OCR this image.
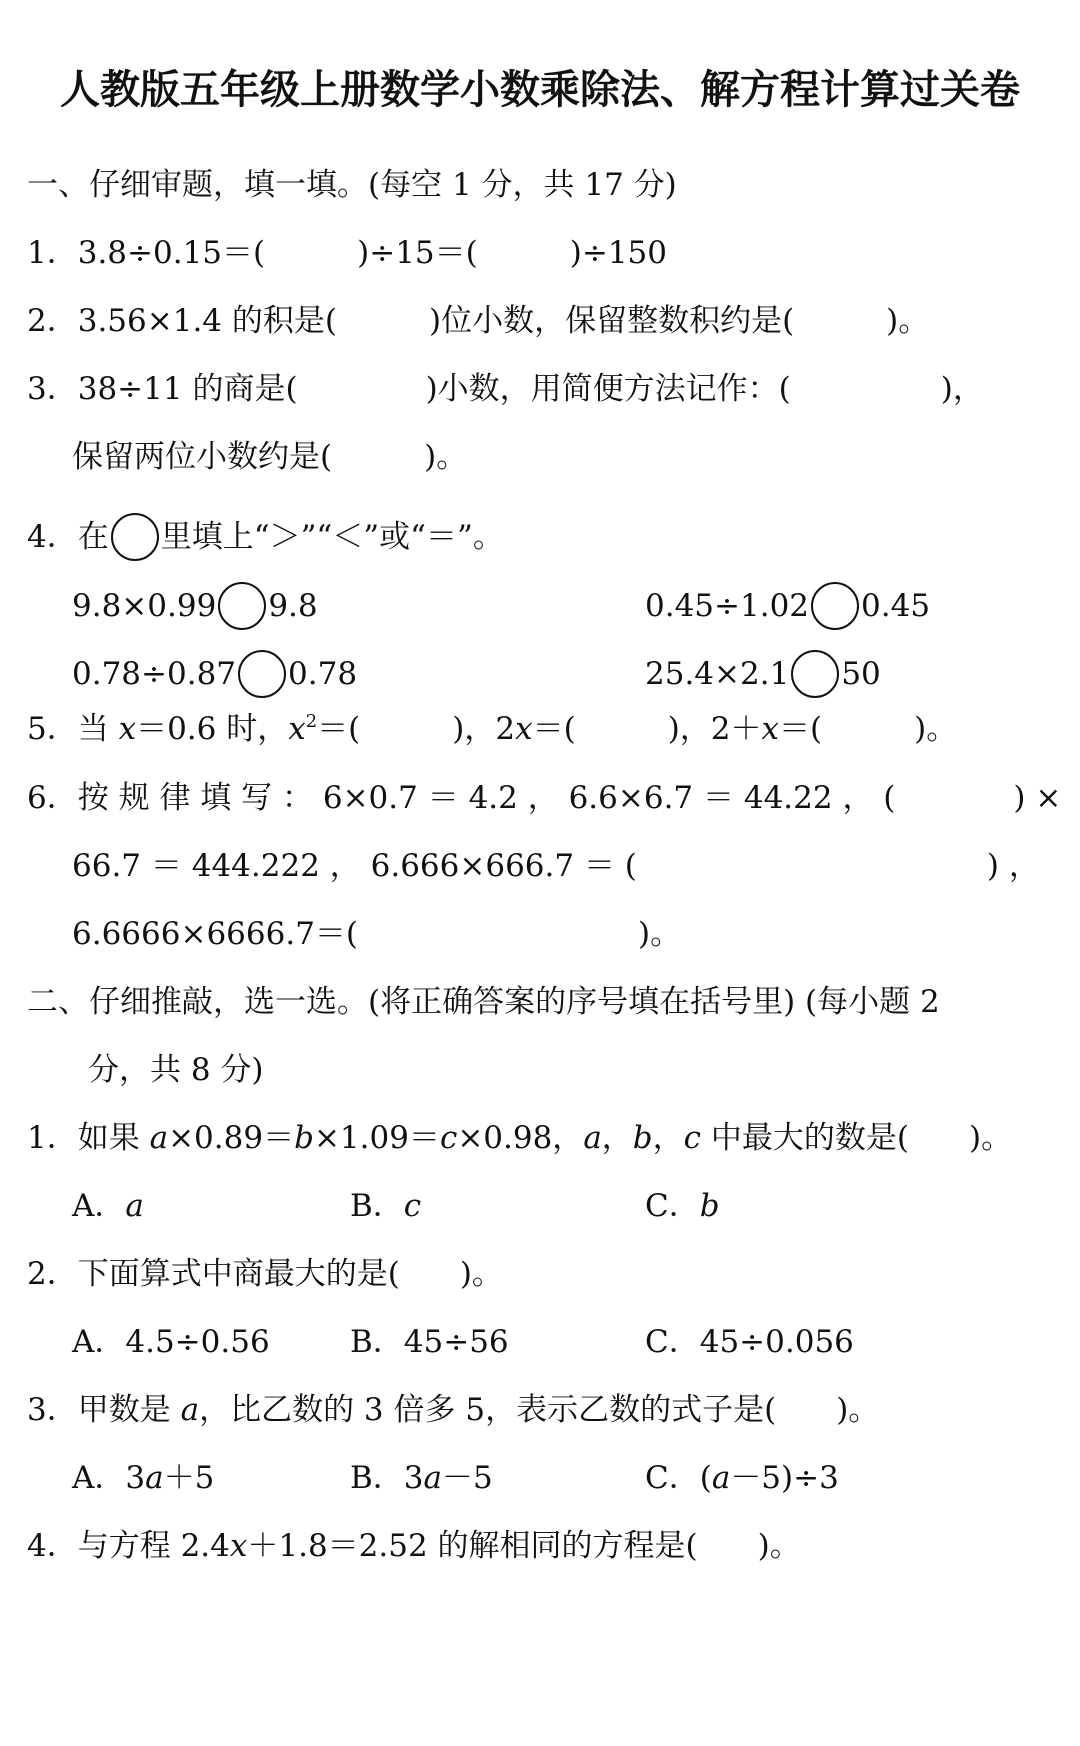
人教版五年级上册数学小数乘除法、解方程计算过关卷
一、仔细审题，填一填。(每空 1 分，共 17 分)
1．3.8÷0.15＝(	)÷15＝(	)÷150
2．3.56×1.4 的积是(	)位小数，保留整数积约是(	)。
3．38÷11 的商是(	)小数，用简便方法记作：(	)，
保留两位小数约是(	)。
4．在 里填上“＞”“＜”或“＝”。
9.8×0.99 9.8	0.45÷1.02 0.45
0.78÷0.87 0.78	25.4×2.1 50
5．当 x＝0.6 时，$x^2=$(	)，2x＝(	)，2＋x＝(	)。
6．按 规 律 填 写 ： 6×0.7 ＝ 4.2 ， 6.6×6.7 ＝ 44.22 ， (	) ×
66.7 ＝ 444.222 ， 6.666×666.7 ＝ (	) ，
6.6666×6666.7＝(	)。
二、仔细推敲，选一选。(将正确答案的序号填在括号里) (每小题 2
分，共 8 分)
1．如果 a×0.89＝b×1.09＝c×0.98，a，b，c 中最大的数是( )。
A．a	B．c	C．b
2．下面算式中商最大的是( )。
A．4.5÷0.56	B．45÷56	C．45÷0.056
3．甲数是 a，比乙数的 3 倍多 5，表示乙数的式子是( )。
A．3a＋5	B．3a－5	C．(a－5)÷3
4．与方程 2.4x＋1.8＝2.52 的解相同的方程是( )。
